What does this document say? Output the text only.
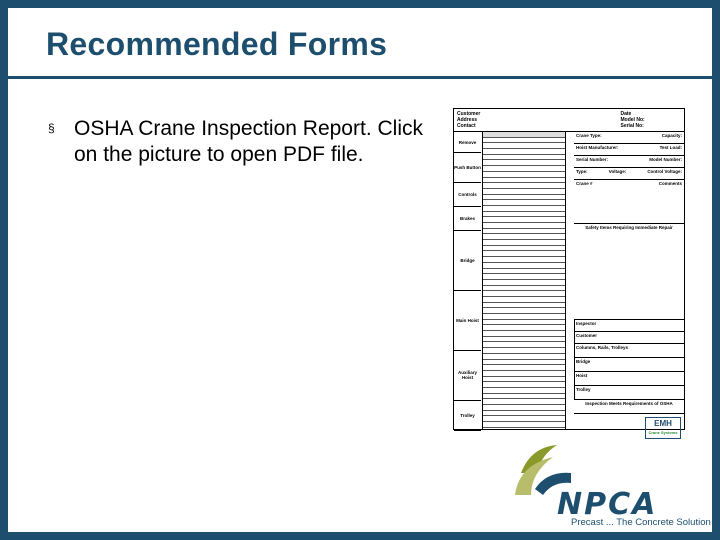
Recommended Forms
§ OSHA Crane Inspection Report. Click on the picture to open PDF file.
Customer
Address
Contact
Date
Model No:
Serial No:
Remove
Push Button
Controls
Brakes
Bridge
Main Hoist
Auxiliary Hoist
Trolley
Crane Type:	Capacity:
Hoist Manufacturer:	Test Load:
Serial Number:	Model Number:
Type:	Voltage:	Control Voltage:
Crane #	Comments
Safety Items Requiring Immediate Repair
Inspector
Customer
Columns, Rails, Trolleys
Bridge
Hoist
Trolley
Inspection Meets Requirements of OSHA
EMH
Crane Systems
NPCA
Precast ... The Concrete Solution
